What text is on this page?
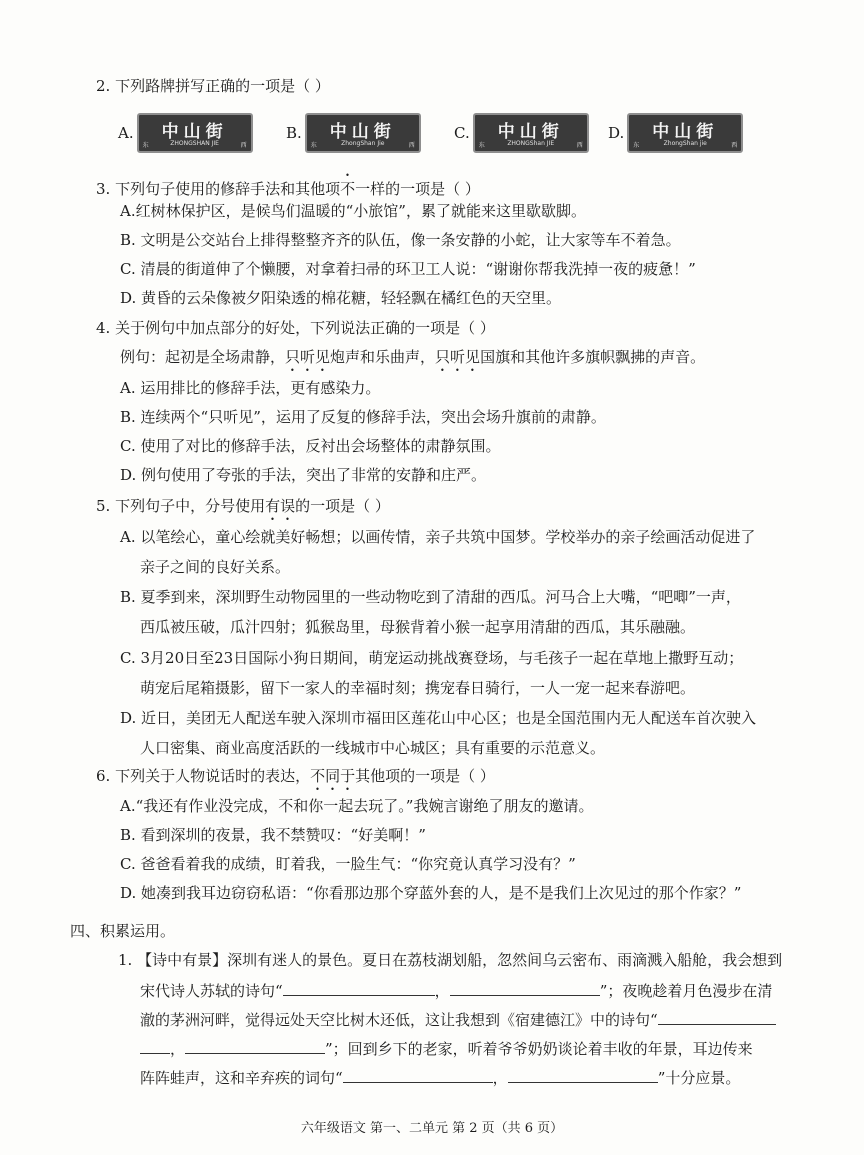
2. 下列路牌拼写正确的一项是（ ）
A.	中山街
东	ZHONGSHAN JIE	西
B.	中山街
东	ZhongShan Jie	西
C.	中山街
东	ZHONGShan JIE	西
D.	中山街
东	ZhongShan jie	西
3. 下列句子使用的修辞手法和其他项不一样的一项是（ ）
A.红树林保护区，是候鸟们温暖的“小旅馆”，累了就能来这里歇歇脚。
B. 文明是公交站台上排得整整齐齐的队伍，像一条安静的小蛇，让大家等车不着急。
C. 清晨的街道伸了个懒腰，对拿着扫帚的环卫工人说：“谢谢你帮我洗掉一夜的疲惫！”
D. 黄昏的云朵像被夕阳染透的棉花糖，轻轻飘在橘红色的天空里。
4. 关于例句中加点部分的好处，下列说法正确的一项是（ ）
例句：起初是全场肃静，只听见炮声和乐曲声，只听见国旗和其他许多旗帜飘拂的声音。
A. 运用排比的修辞手法，更有感染力。
B. 连续两个“只听见”，运用了反复的修辞手法，突出会场升旗前的肃静。
C. 使用了对比的修辞手法，反衬出会场整体的肃静氛围。
D. 例句使用了夸张的手法，突出了非常的安静和庄严。
5. 下列句子中，分号使用有误的一项是（ ）
A. 以笔绘心，童心绘就美好畅想；以画传情，亲子共筑中国梦。学校举办的亲子绘画活动促进了
亲子之间的良好关系。
B. 夏季到来，深圳野生动物园里的一些动物吃到了清甜的西瓜。河马合上大嘴，“吧唧”一声，
西瓜被压破，瓜汁四射；狐猴岛里，母猴背着小猴一起享用清甜的西瓜，其乐融融。
C. 3月20日至23日国际小狗日期间，萌宠运动挑战赛登场，与毛孩子一起在草地上撒野互动；
萌宠后尾箱摄影，留下一家人的幸福时刻；携宠春日骑行，一人一宠一起来春游吧。
D. 近日，美团无人配送车驶入深圳市福田区莲花山中心区；也是全国范围内无人配送车首次驶入
人口密集、商业高度活跃的一线城市中心城区；具有重要的示范意义。
6. 下列关于人物说话时的表达，不同于其他项的一项是（ ）
A.“我还有作业没完成，不和你一起去玩了。”我婉言谢绝了朋友的邀请。
B. 看到深圳的夜景，我不禁赞叹：“好美啊！”
C. 爸爸看着我的成绩，盯着我，一脸生气：“你究竟认真学习没有？”
D. 她凑到我耳边窃窃私语：“你看那边那个穿蓝外套的人，是不是我们上次见过的那个作家？”
四、积累运用。
1. 【诗中有景】深圳有迷人的景色。夏日在荔枝湖划船，忽然间乌云密布、雨滴溅入船舱，我会想到
宋代诗人苏轼的诗句“	，	”；夜晚趁着月色漫步在清
澈的茅洲河畔，觉得远处天空比树木还低，这让我想到《宿建德江》中的诗句“
，	”；回到乡下的老家，听着爷爷奶奶谈论着丰收的年景，耳边传来
阵阵蛙声，这和辛弃疾的词句“	，	”十分应景。
六年级语文 第一、二单元 第 2 页（共 6 页）
